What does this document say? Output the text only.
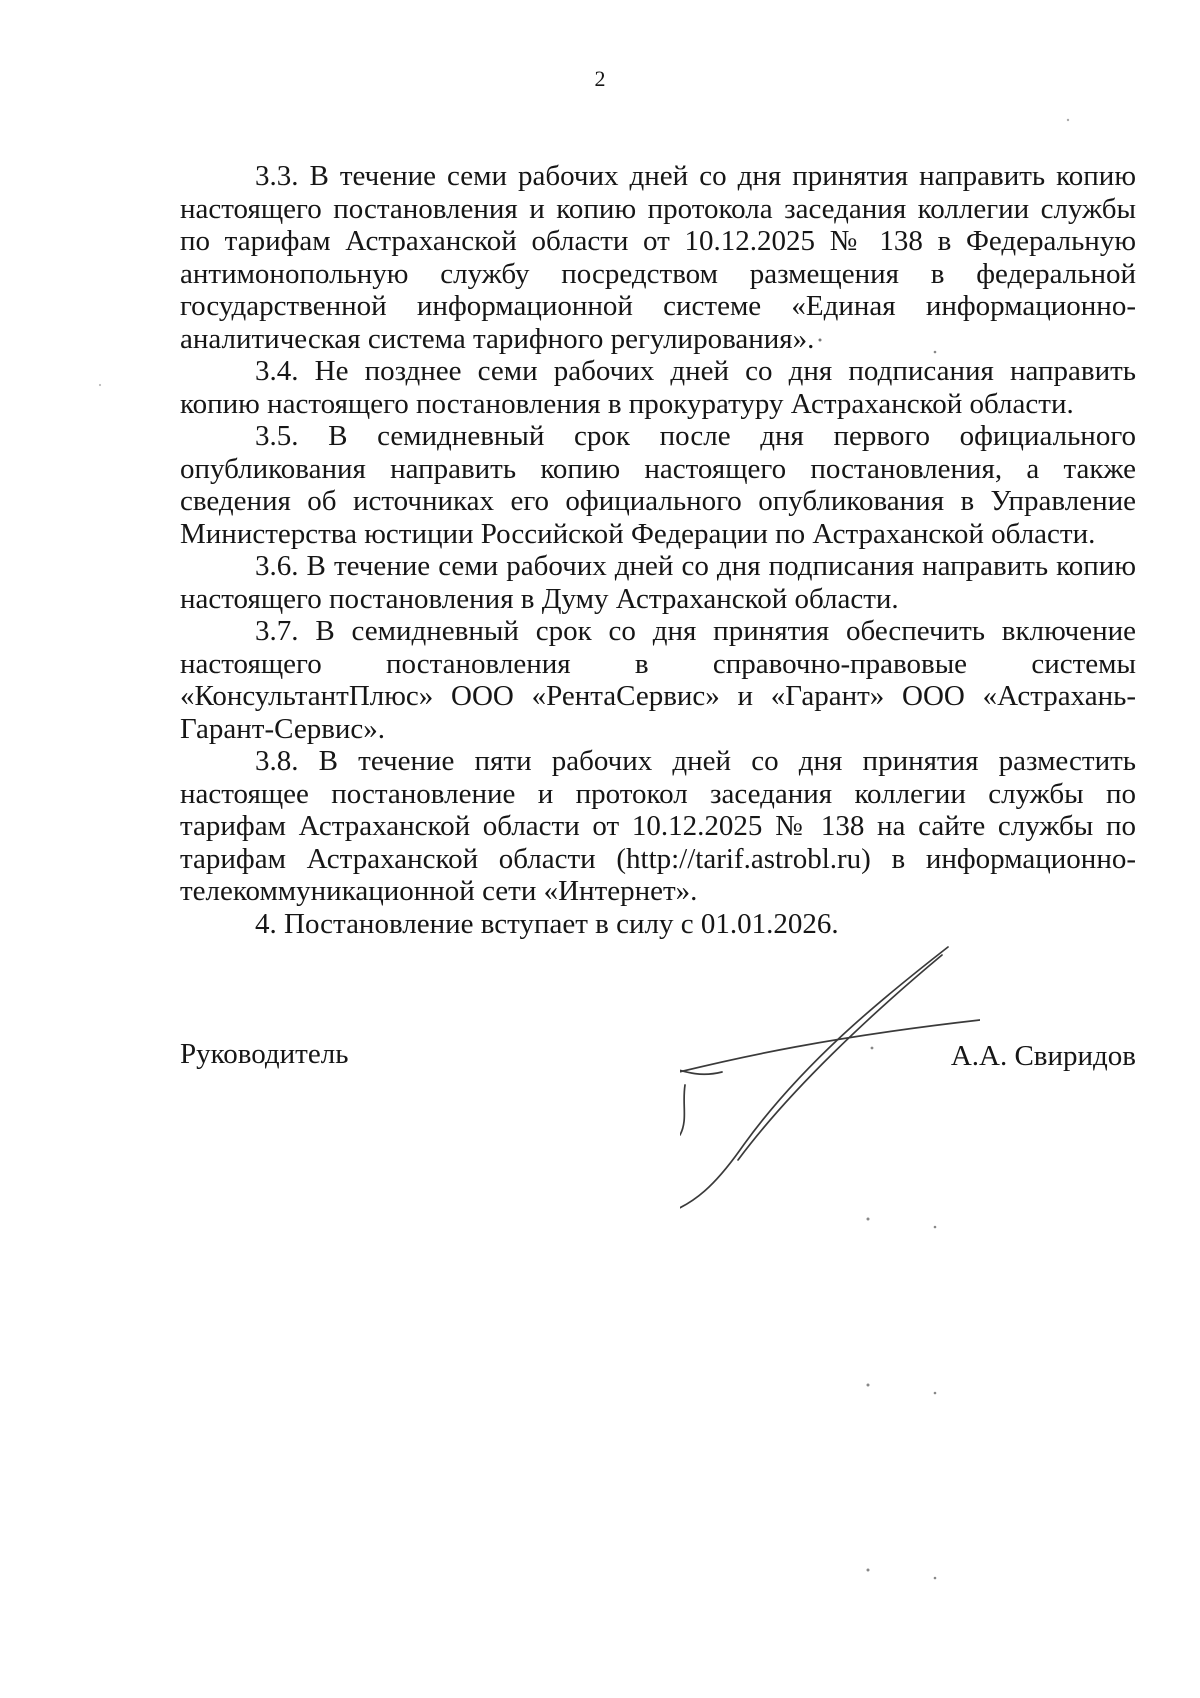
2

3.3. В течение семи рабочих дней со дня принятия направить копию настоящего постановления и копию протокола заседания коллегии службы по тарифам Астраханской области от 10.12.2025 № 138 в Федеральную антимонопольную службу посредством размещения в федеральной государственной информационной системе «Единая информационно-аналитическая система тарифного регулирования».

3.4. Не позднее семи рабочих дней со дня подписания направить копию настоящего постановления в прокуратуру Астраханской области.

3.5. В семидневный срок после дня первого официального опубликования направить копию настоящего постановления, а также сведения об источниках его официального опубликования в Управление Министерства юстиции Российской Федерации по Астраханской области.

3.6. В течение семи рабочих дней со дня подписания направить копию настоящего постановления в Думу Астраханской области.

3.7. В семидневный срок со дня принятия обеспечить включение настоящего постановления в справочно-правовые системы «КонсультантПлюс» ООО «РентаСервис» и «Гарант» ООО «Астрахань-Гарант-Сервис».

3.8. В течение пяти рабочих дней со дня принятия разместить настоящее постановление и протокол заседания коллегии службы по тарифам Астраханской области от 10.12.2025 № 138 на сайте службы по тарифам Астраханской области (http://tarif.astrobl.ru) в информационно-телекоммуникационной сети «Интернет».

4. Постановление вступает в силу с 01.01.2026.

Руководитель	А.А. Свиридов
